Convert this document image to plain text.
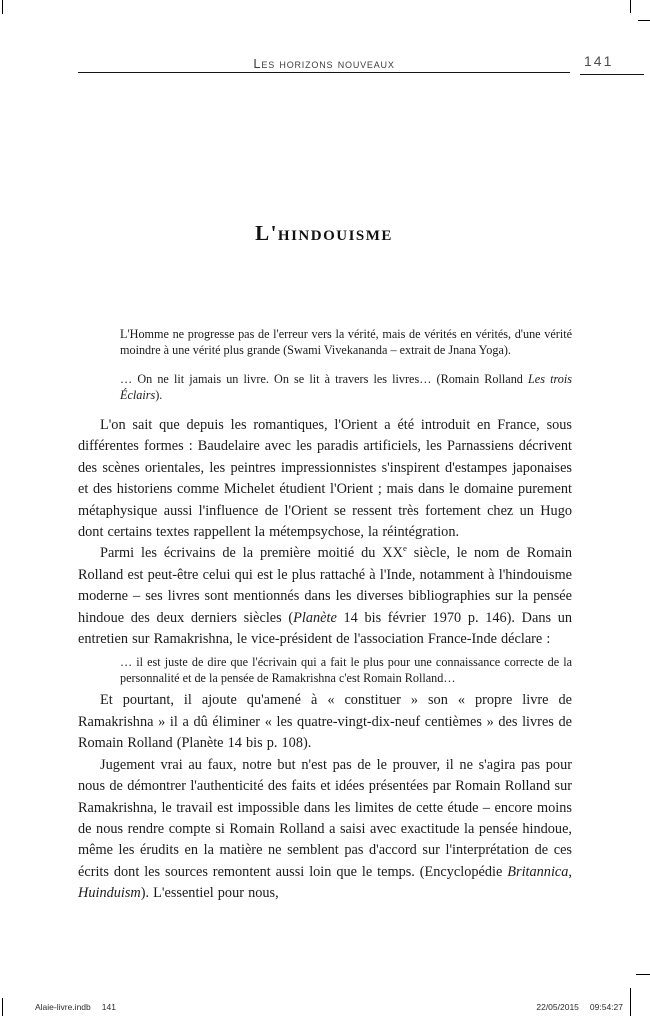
Les horizons nouveaux	141
L'hindouisme
L'Homme ne progresse pas de l'erreur vers la vérité, mais de vérités en vérités, d'une vérité moindre à une vérité plus grande (Swami Vivekananda – extrait de Jnana Yoga).
… On ne lit jamais un livre. On se lit à travers les livres… (Romain Rolland Les trois Éclairs).
L'on sait que depuis les romantiques, l'Orient a été introduit en France, sous différentes formes : Baudelaire avec les paradis artificiels, les Parnassiens décrivent des scènes orientales, les peintres impressionnistes s'inspirent d'estampes japonaises et des historiens comme Michelet étudient l'Orient ; mais dans le domaine purement métaphysique aussi l'influence de l'Orient se ressent très fortement chez un Hugo dont certains textes rappellent la métempsychose, la réintégration.
Parmi les écrivains de la première moitié du XXe siècle, le nom de Romain Rolland est peut-être celui qui est le plus rattaché à l'Inde, notamment à l'hindouisme moderne – ses livres sont mentionnés dans les diverses bibliographies sur la pensée hindoue des deux derniers siècles (Planète 14 bis février 1970 p. 146). Dans un entretien sur Ramakrishna, le vice-président de l'association France-Inde déclare :
… il est juste de dire que l'écrivain qui a fait le plus pour une connaissance correcte de la personnalité et de la pensée de Ramakrishna c'est Romain Rolland…
Et pourtant, il ajoute qu'amené à « constituer » son « propre livre de Ramakrishna » il a dû éliminer « les quatre-vingt-dix-neuf centièmes » des livres de Romain Rolland (Planète 14 bis p. 108).
Jugement vrai au faux, notre but n'est pas de le prouver, il ne s'agira pas pour nous de démontrer l'authenticité des faits et idées présentées par Romain Rolland sur Ramakrishna, le travail est impossible dans les limites de cette étude – encore moins de nous rendre compte si Romain Rolland a saisi avec exactitude la pensée hindoue, même les érudits en la matière ne semblent pas d'accord sur l'interprétation de ces écrits dont les sources remontent aussi loin que le temps. (Encyclopédie Britannica, Huinduism). L'essentiel pour nous,
Alaie-livre.indb 141	22/05/2015 09:54:27
